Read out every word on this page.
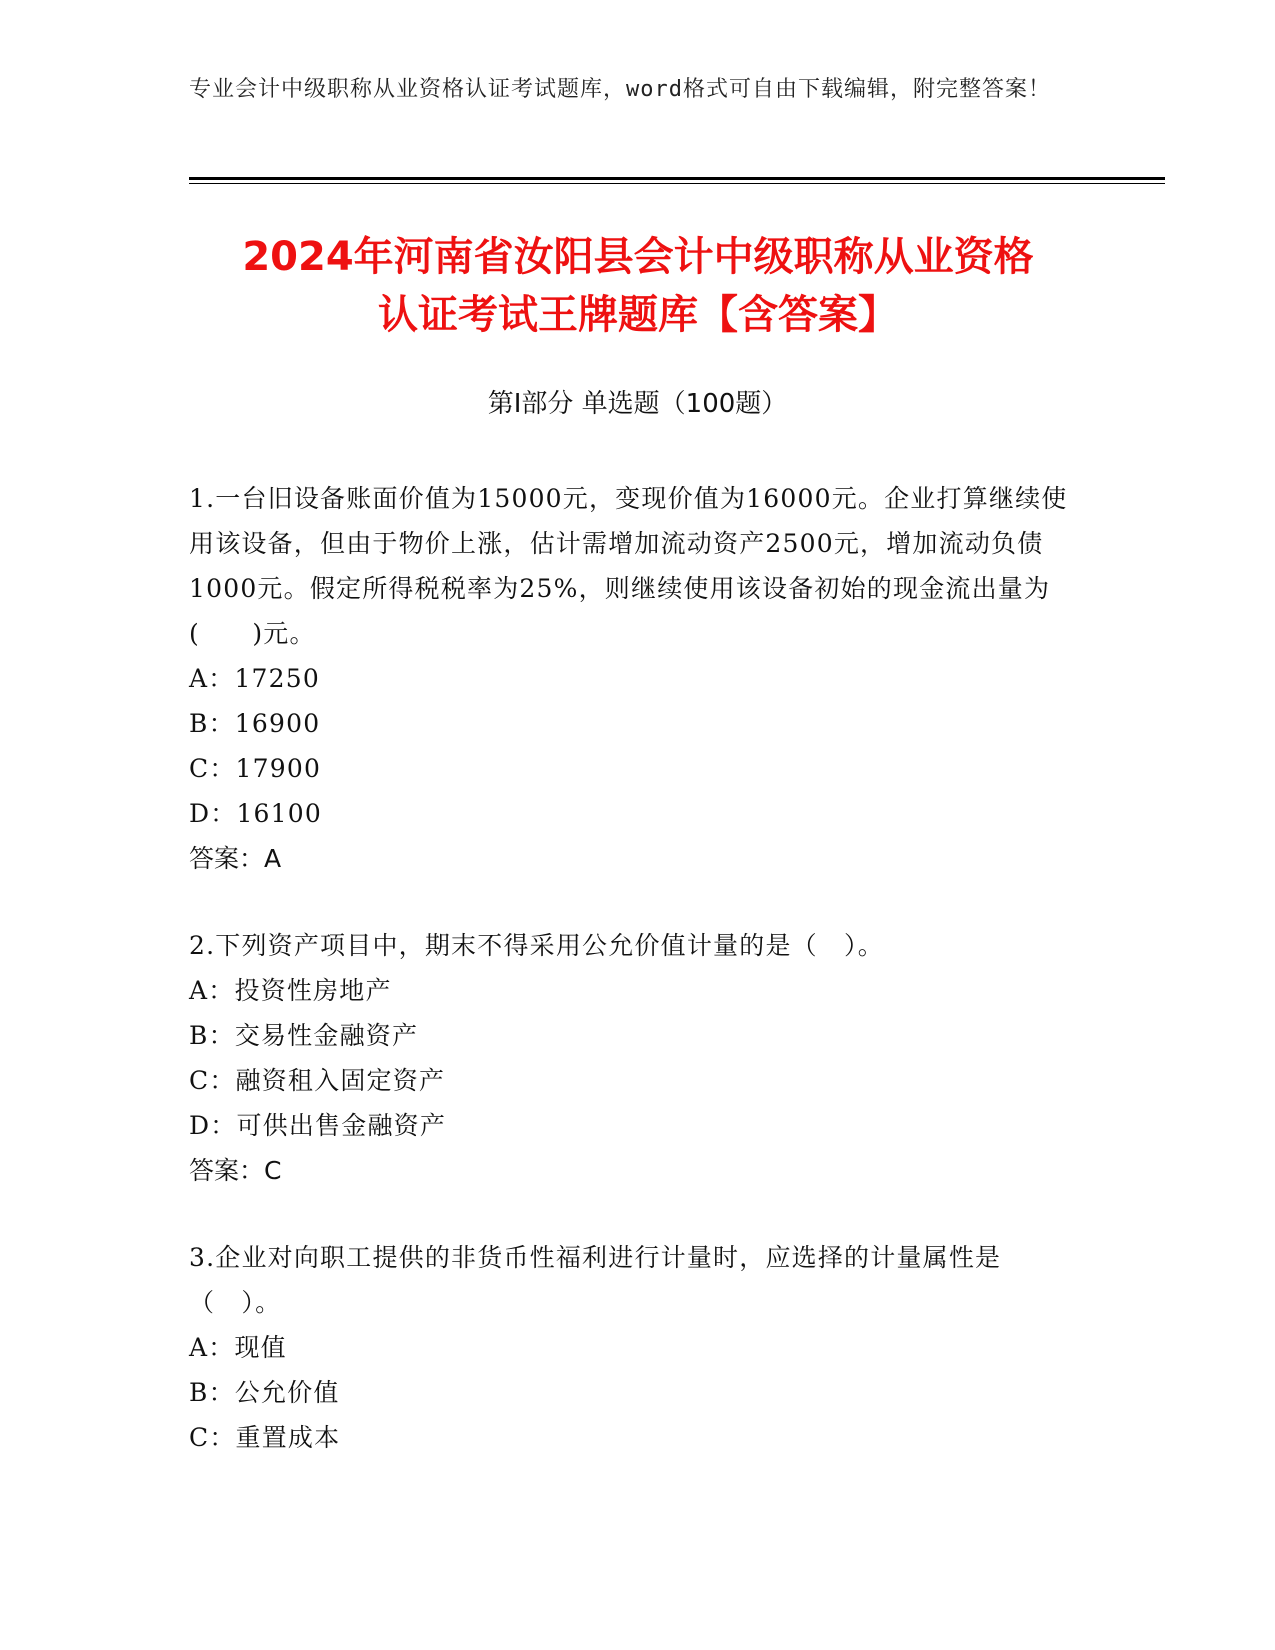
专业会计中级职称从业资格认证考试题库，word格式可自由下载编辑，附完整答案！
2024年河南省汝阳县会计中级职称从业资格
认证考试王牌题库【含答案】
第I部分 单选题（100题）

1.一台旧设备账面价值为15000元，变现价值为16000元。企业打算继续使用该设备，但由于物价上涨，估计需增加流动资产2500元，增加流动负债1000元。假定所得税税率为25%，则继续使用该设备初始的现金流出量为(　　)元。

A：17250

B：16900

C：17900

D：16100

答案：A

2.下列资产项目中，期末不得采用公允价值计量的是（　）。

A：投资性房地产

B：交易性金融资产

C：融资租入固定资产

D：可供出售金融资产

答案：C

3.企业对向职工提供的非货币性福利进行计量时，应选择的计量属性是（　）。

A：现值

B：公允价值

C：重置成本
